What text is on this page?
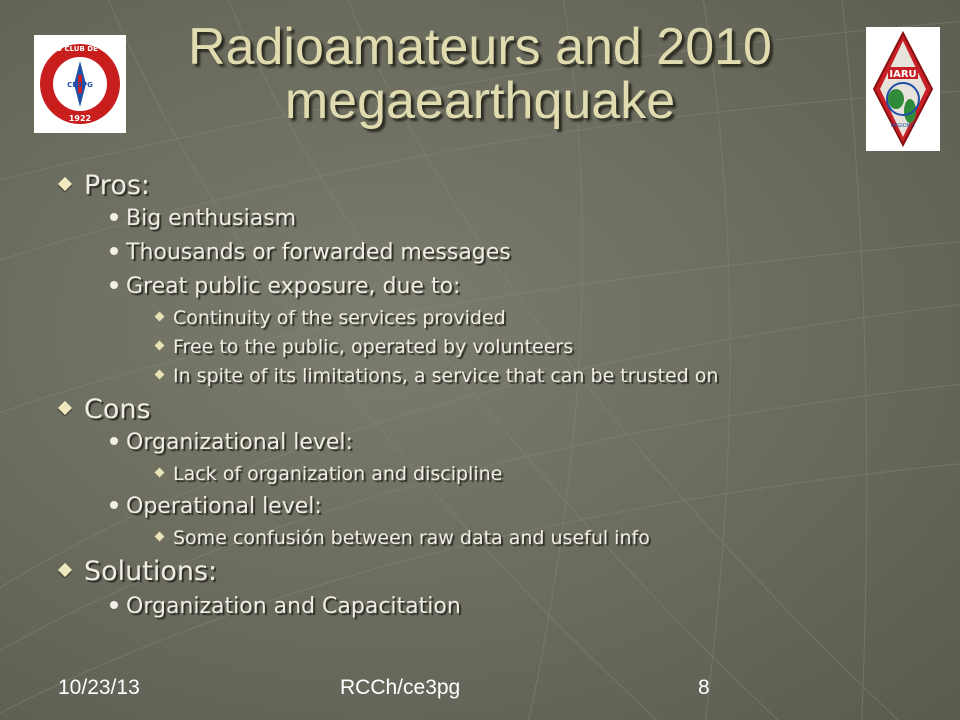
RADIO CLUB DE CHILE
CE3PG
1922
IARU
REGION 2
Radioamateurs and 2010
megaearthquake
Pros:
Big enthusiasm
Thousands or forwarded messages
Great public exposure, due to:
Continuity of the services provided
Free to the public, operated by volunteers
In spite of its limitations, a service that can be trusted on
Cons
Organizational level:
Lack of organization and discipline
Operational level:
Some confusión between raw data and useful info
Solutions:
Organization and Capacitation
10/23/13	RCCh/ce3pg	8
